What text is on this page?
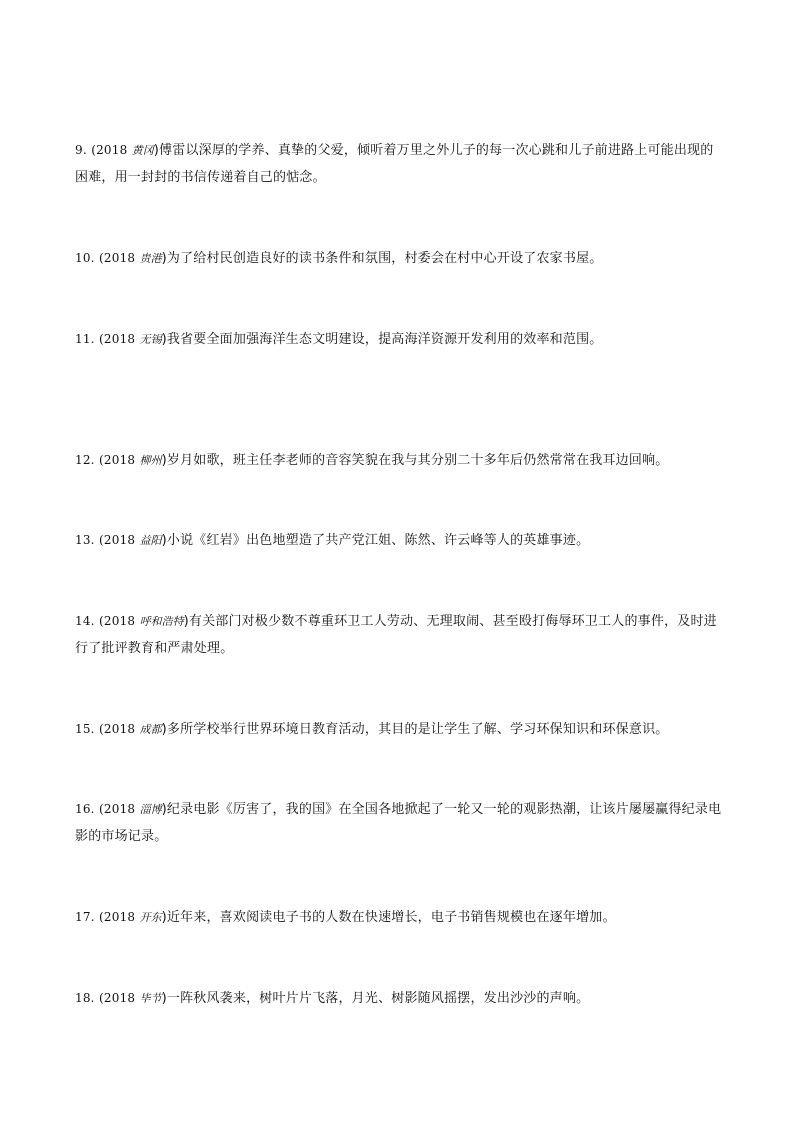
9. (2018 黄冈)傅雷以深厚的学养、真挚的父爱，倾听着万里之外儿子的每一次心跳和儿子前进路上可能出现的困难，用一封封的书信传递着自己的惦念。
10. (2018 贵港)为了给村民创造良好的读书条件和氛围，村委会在村中心开设了农家书屋。
11. (2018 无锡)我省要全面加强海洋生态文明建设，提高海洋资源开发利用的效率和范围。
12. (2018 柳州)岁月如歌，班主任李老师的音容笑貌在我与其分别二十多年后仍然常常在我耳边回响。
13. (2018 益阳)小说《红岩》出色地塑造了共产党江姐、陈然、许云峰等人的英雄事迹。
14. (2018 呼和浩特)有关部门对极少数不尊重环卫工人劳动、无理取闹、甚至殴打侮辱环卫工人的事件，及时进行了批评教育和严肃处理。
15. (2018 成都)多所学校举行世界环境日教育活动，其目的是让学生了解、学习环保知识和环保意识。
16. (2018 淄博)纪录电影《厉害了，我的国》在全国各地掀起了一轮又一轮的观影热潮，让该片屡屡赢得纪录电影的市场记录。
17. (2018 开东)近年来，喜欢阅读电子书的人数在快速增长，电子书销售规模也在逐年增加。
18. (2018 毕节)一阵秋风袭来，树叶片片飞落，月光、树影随风摇摆，发出沙沙的声响。
